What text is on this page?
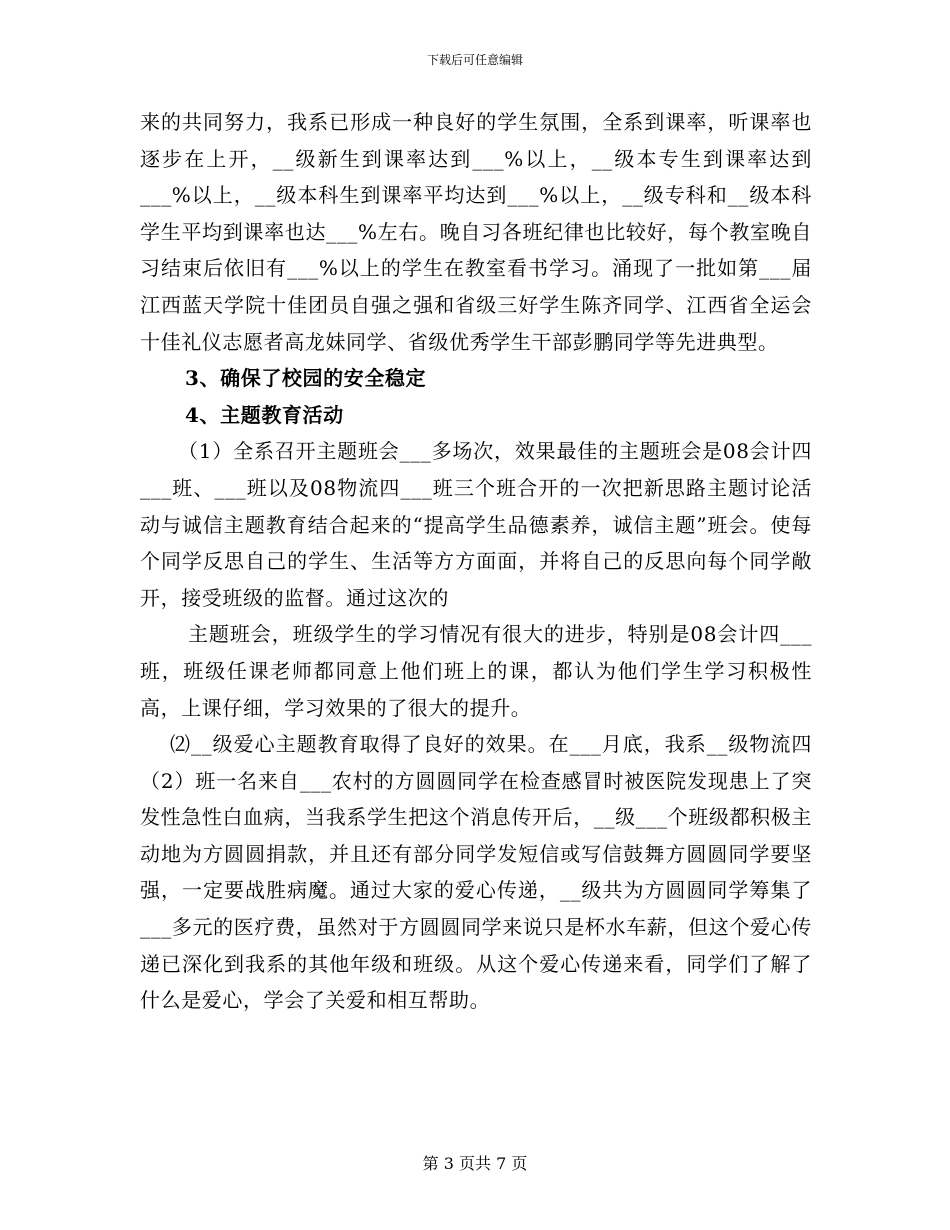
下载后可任意编辑

来的共同努力，我系已形成一种良好的学生氛围，全系到课率，听课率也逐步在上开，__级新生到课率达到___%以上，__级本专生到课率达到___%以上，__级本科生到课率平均达到___%以上，__级专科和__级本科学生平均到课率也达___%左右。晚自习各班纪律也比较好，每个教室晚自习结束后依旧有___%以上的学生在教室看书学习。涌现了一批如第___届江西蓝天学院十佳团员自强之强和省级三好学生陈齐同学、江西省全运会十佳礼仪志愿者高龙妹同学、省级优秀学生干部彭鹏同学等先进典型。

3、确保了校园的安全稳定

4、主题教育活动

（1）全系召开主题班会___多场次，效果最佳的主题班会是08会计四___班、___班以及08物流四___班三个班合开的一次把新思路主题讨论活动与诚信主题教育结合起来的“提高学生品德素养，诚信主题”班会。使每个同学反思自己的学生、生活等方方面面，并将自己的反思向每个同学敞开，接受班级的监督。通过这次的

主题班会，班级学生的学习情况有很大的进步，特别是08会计四___班，班级任课老师都同意上他们班上的课，都认为他们学生学习积极性高，上课仔细，学习效果的了很大的提升。

⑵__级爱心主题教育取得了良好的效果。在___月底，我系__级物流四（2）班一名来自___农村的方圆圆同学在检查感冒时被医院发现患上了突发性急性白血病，当我系学生把这个消息传开后，__级___个班级都积极主动地为方圆圆捐款，并且还有部分同学发短信或写信鼓舞方圆圆同学要坚强，一定要战胜病魔。通过大家的爱心传递，__级共为方圆圆同学筹集了___多元的医疗费，虽然对于方圆圆同学来说只是杯水车薪，但这个爱心传递已深化到我系的其他年级和班级。从这个爱心传递来看，同学们了解了什么是爱心，学会了关爱和相互帮助。

第 3 页共 7 页
